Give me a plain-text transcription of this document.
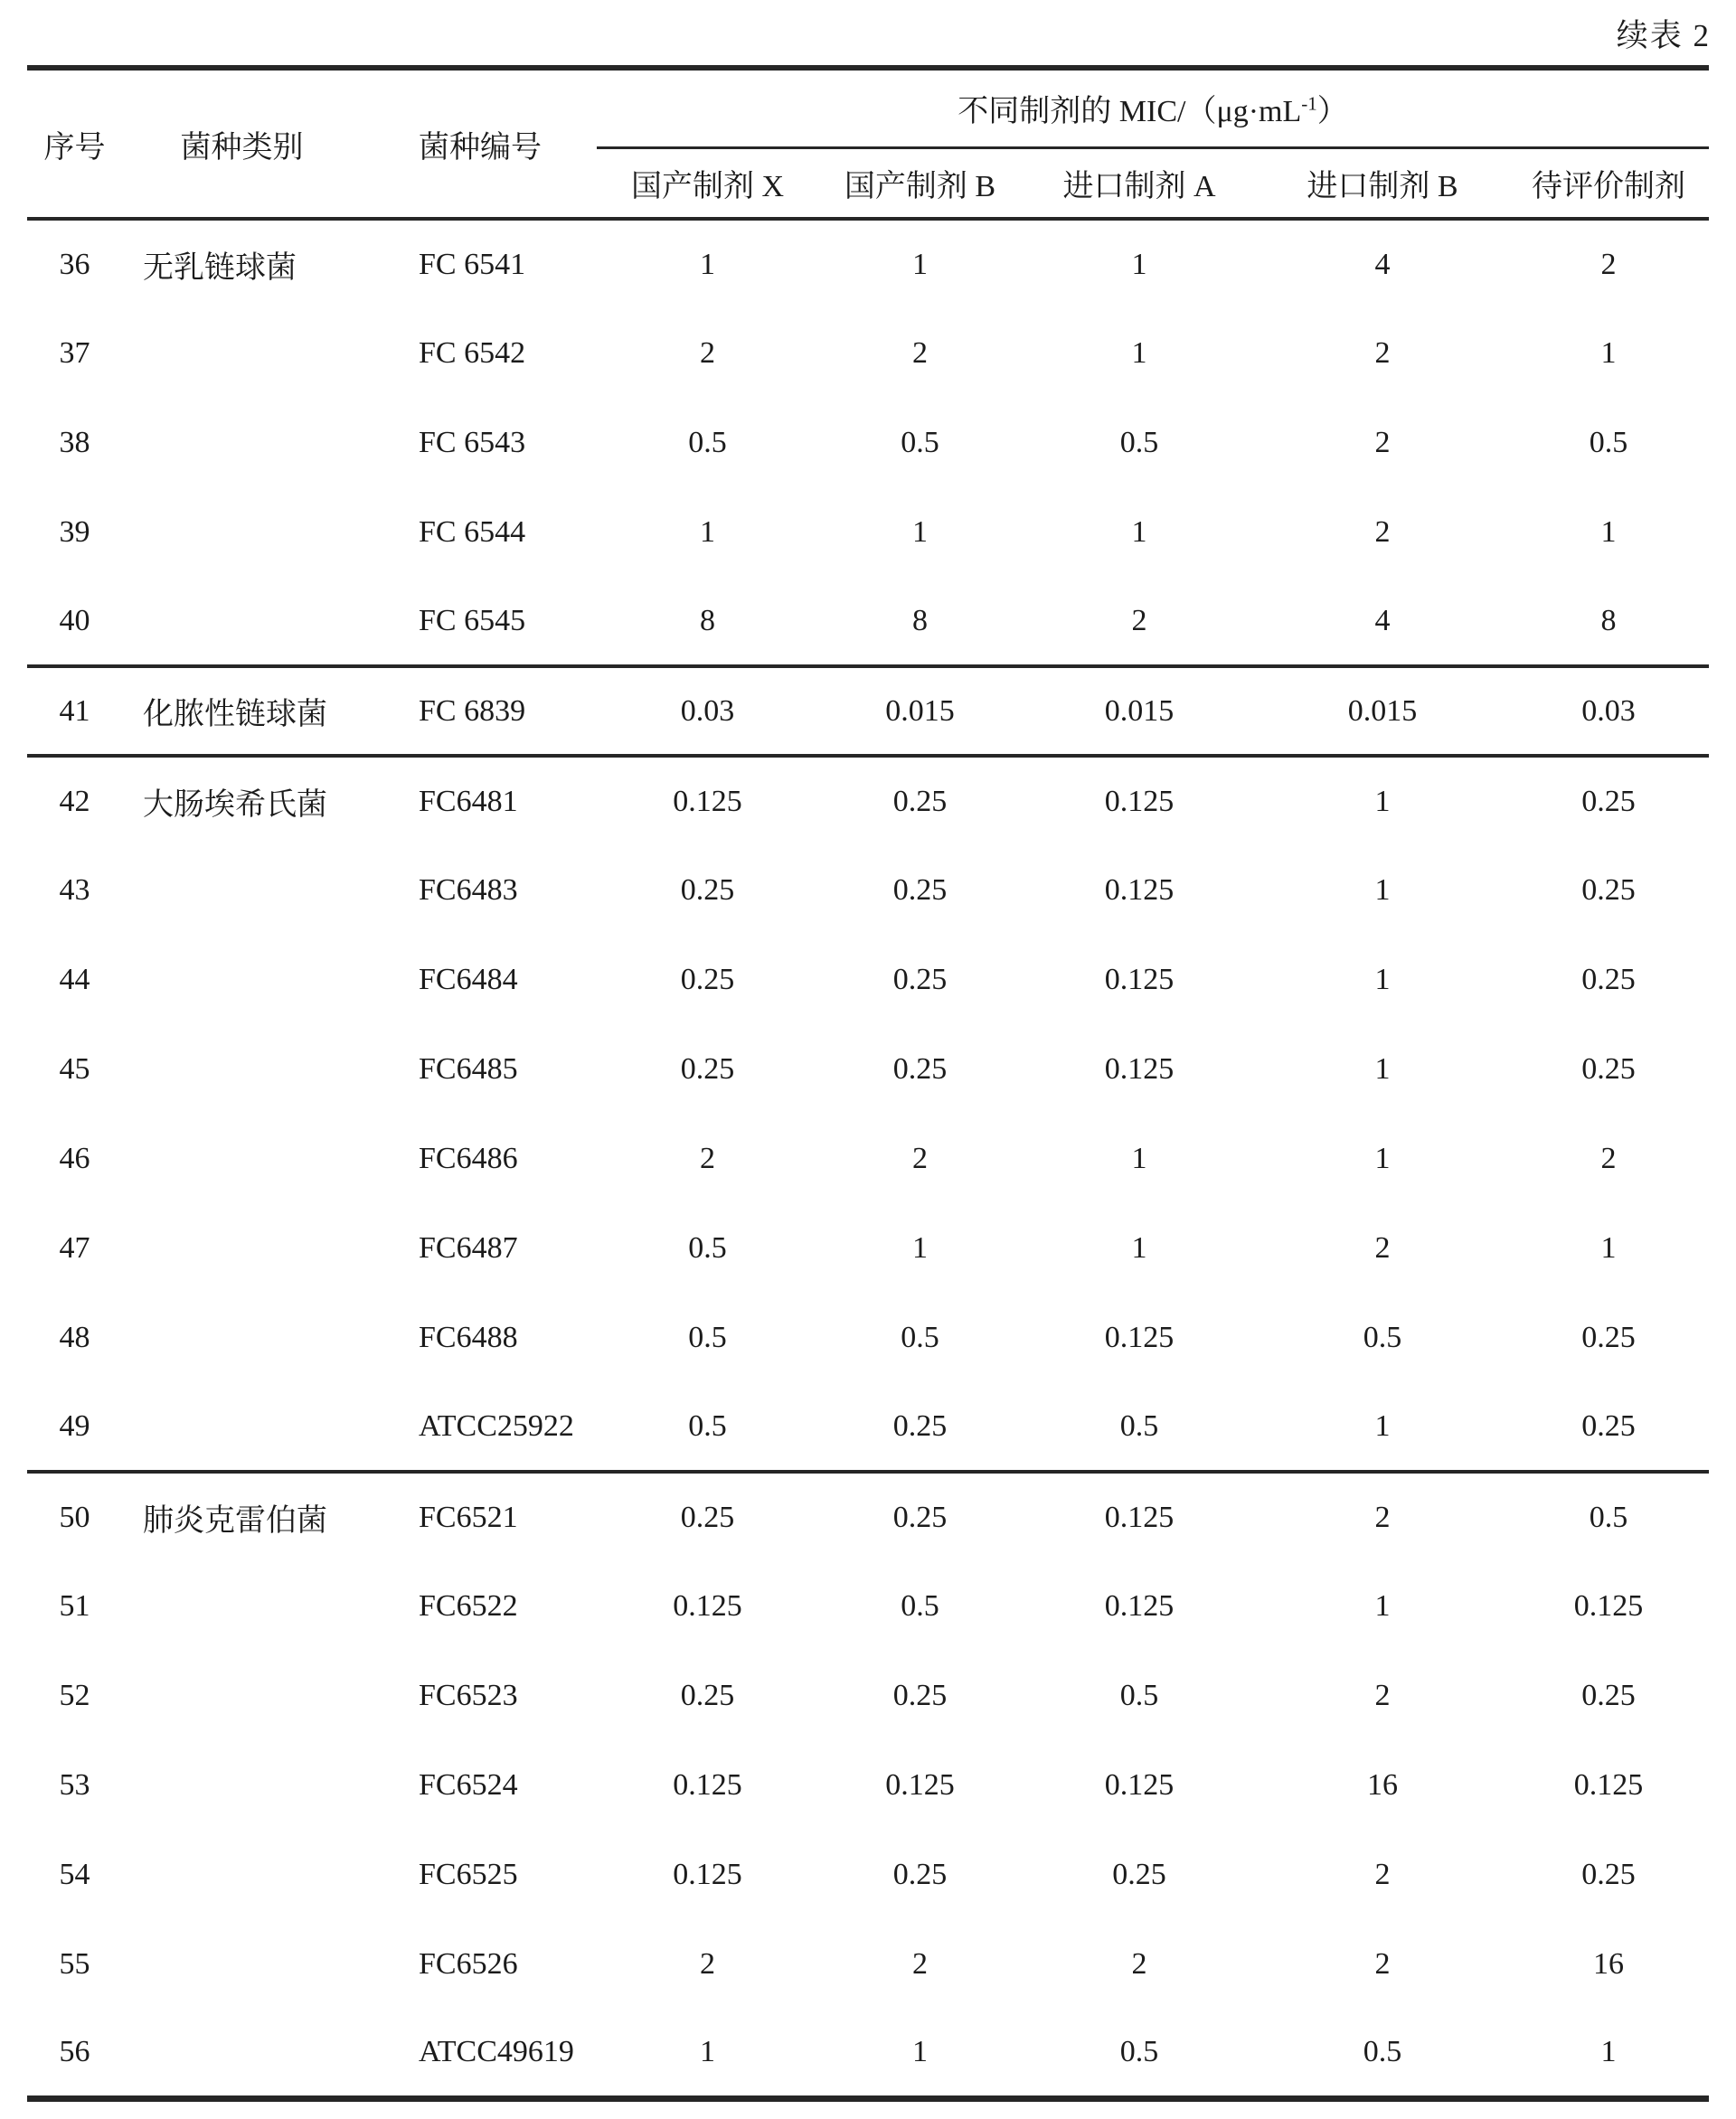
续表 2
序号	菌种类别	菌种编号	不同制剂的 MIC/$(\mu g\cdot mL^{-1})$				
			国产制剂 X	国产制剂 B	进口制剂 A	进口制剂 B	待评价制剂
36	无乳链球菌	FC 6541	1	1	1	4	2
37		FC 6542	2	2	1	2	1
38		FC 6543	0.5	0.5	0.5	2	0.5
39		FC 6544	1	1	1	2	1
40		FC 6545	8	8	2	4	8
41	化脓性链球菌	FC 6839	0.03	0.015	0.015	0.015	0.03
42	大肠埃希氏菌	FC6481	0.125	0.25	0.125	1	0.25
43		FC6483	0.25	0.25	0.125	1	0.25
44		FC6484	0.25	0.25	0.125	1	0.25
45		FC6485	0.25	0.25	0.125	1	0.25
46		FC6486	2	2	1	1	2
47		FC6487	0.5	1	1	2	1
48		FC6488	0.5	0.5	0.125	0.5	0.25
49		ATCC25922	0.5	0.25	0.5	1	0.25
50	肺炎克雷伯菌	FC6521	0.25	0.25	0.125	2	0.5
51		FC6522	0.125	0.5	0.125	1	0.125
52		FC6523	0.25	0.25	0.5	2	0.25
53		FC6524	0.125	0.125	0.125	16	0.125
54		FC6525	0.125	0.25	0.25	2	0.25
55		FC6526	2	2	2	2	16
56		ATCC49619	1	1	0.5	0.5	1
